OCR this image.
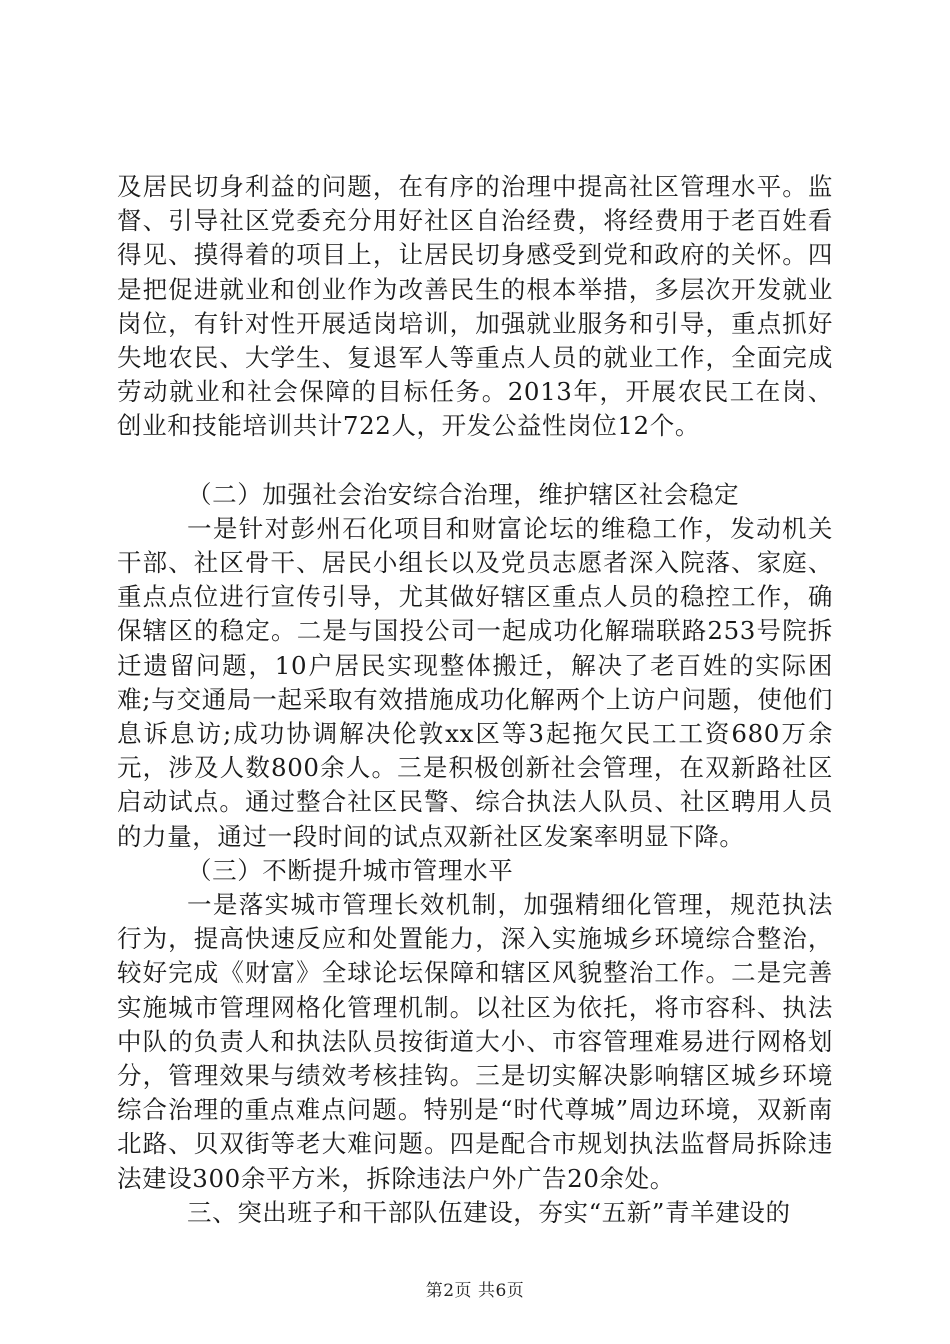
及居民切身利益的问题，在有序的治理中提高社区管理水平。监督、引导社区党委充分用好社区自治经费，将经费用于老百姓看得见、摸得着的项目上，让居民切身感受到党和政府的关怀。四是把促进就业和创业作为改善民生的根本举措，多层次开发就业岗位，有针对性开展适岗培训，加强就业服务和引导，重点抓好失地农民、大学生、复退军人等重点人员的就业工作，全面完成劳动就业和社会保障的目标任务。2013年，开展农民工在岗、创业和技能培训共计722人，开发公益性岗位12个。

（二）加强社会治安综合治理，维护辖区社会稳定

一是针对彭州石化项目和财富论坛的维稳工作，发动机关干部、社区骨干、居民小组长以及党员志愿者深入院落、家庭、重点点位进行宣传引导，尤其做好辖区重点人员的稳控工作，确保辖区的稳定。二是与国投公司一起成功化解瑞联路253号院拆迁遗留问题，10户居民实现整体搬迁，解决了老百姓的实际困难;与交通局一起采取有效措施成功化解两个上访户问题，使他们息诉息访;成功协调解决伦敦xx区等3起拖欠民工工资680万余元，涉及人数800余人。三是积极创新社会管理，在双新路社区启动试点。通过整合社区民警、综合执法人队员、社区聘用人员的力量，通过一段时间的试点双新社区发案率明显下降。

（三）不断提升城市管理水平

一是落实城市管理长效机制，加强精细化管理，规范执法行为，提高快速反应和处置能力，深入实施城乡环境综合整治，较好完成《财富》全球论坛保障和辖区风貌整治工作。二是完善实施城市管理网格化管理机制。以社区为依托，将市容科、执法中队的负责人和执法队员按街道大小、市容管理难易进行网格划分，管理效果与绩效考核挂钩。三是切实解决影响辖区城乡环境综合治理的重点难点问题。特别是“时代尊城”周边环境，双新南北路、贝双街等老大难问题。四是配合市规划执法监督局拆除违法建设300余平方米，拆除违法户外广告20余处。

三、突出班子和干部队伍建设，夯实“五新”青羊建设的

第2页 共6页
